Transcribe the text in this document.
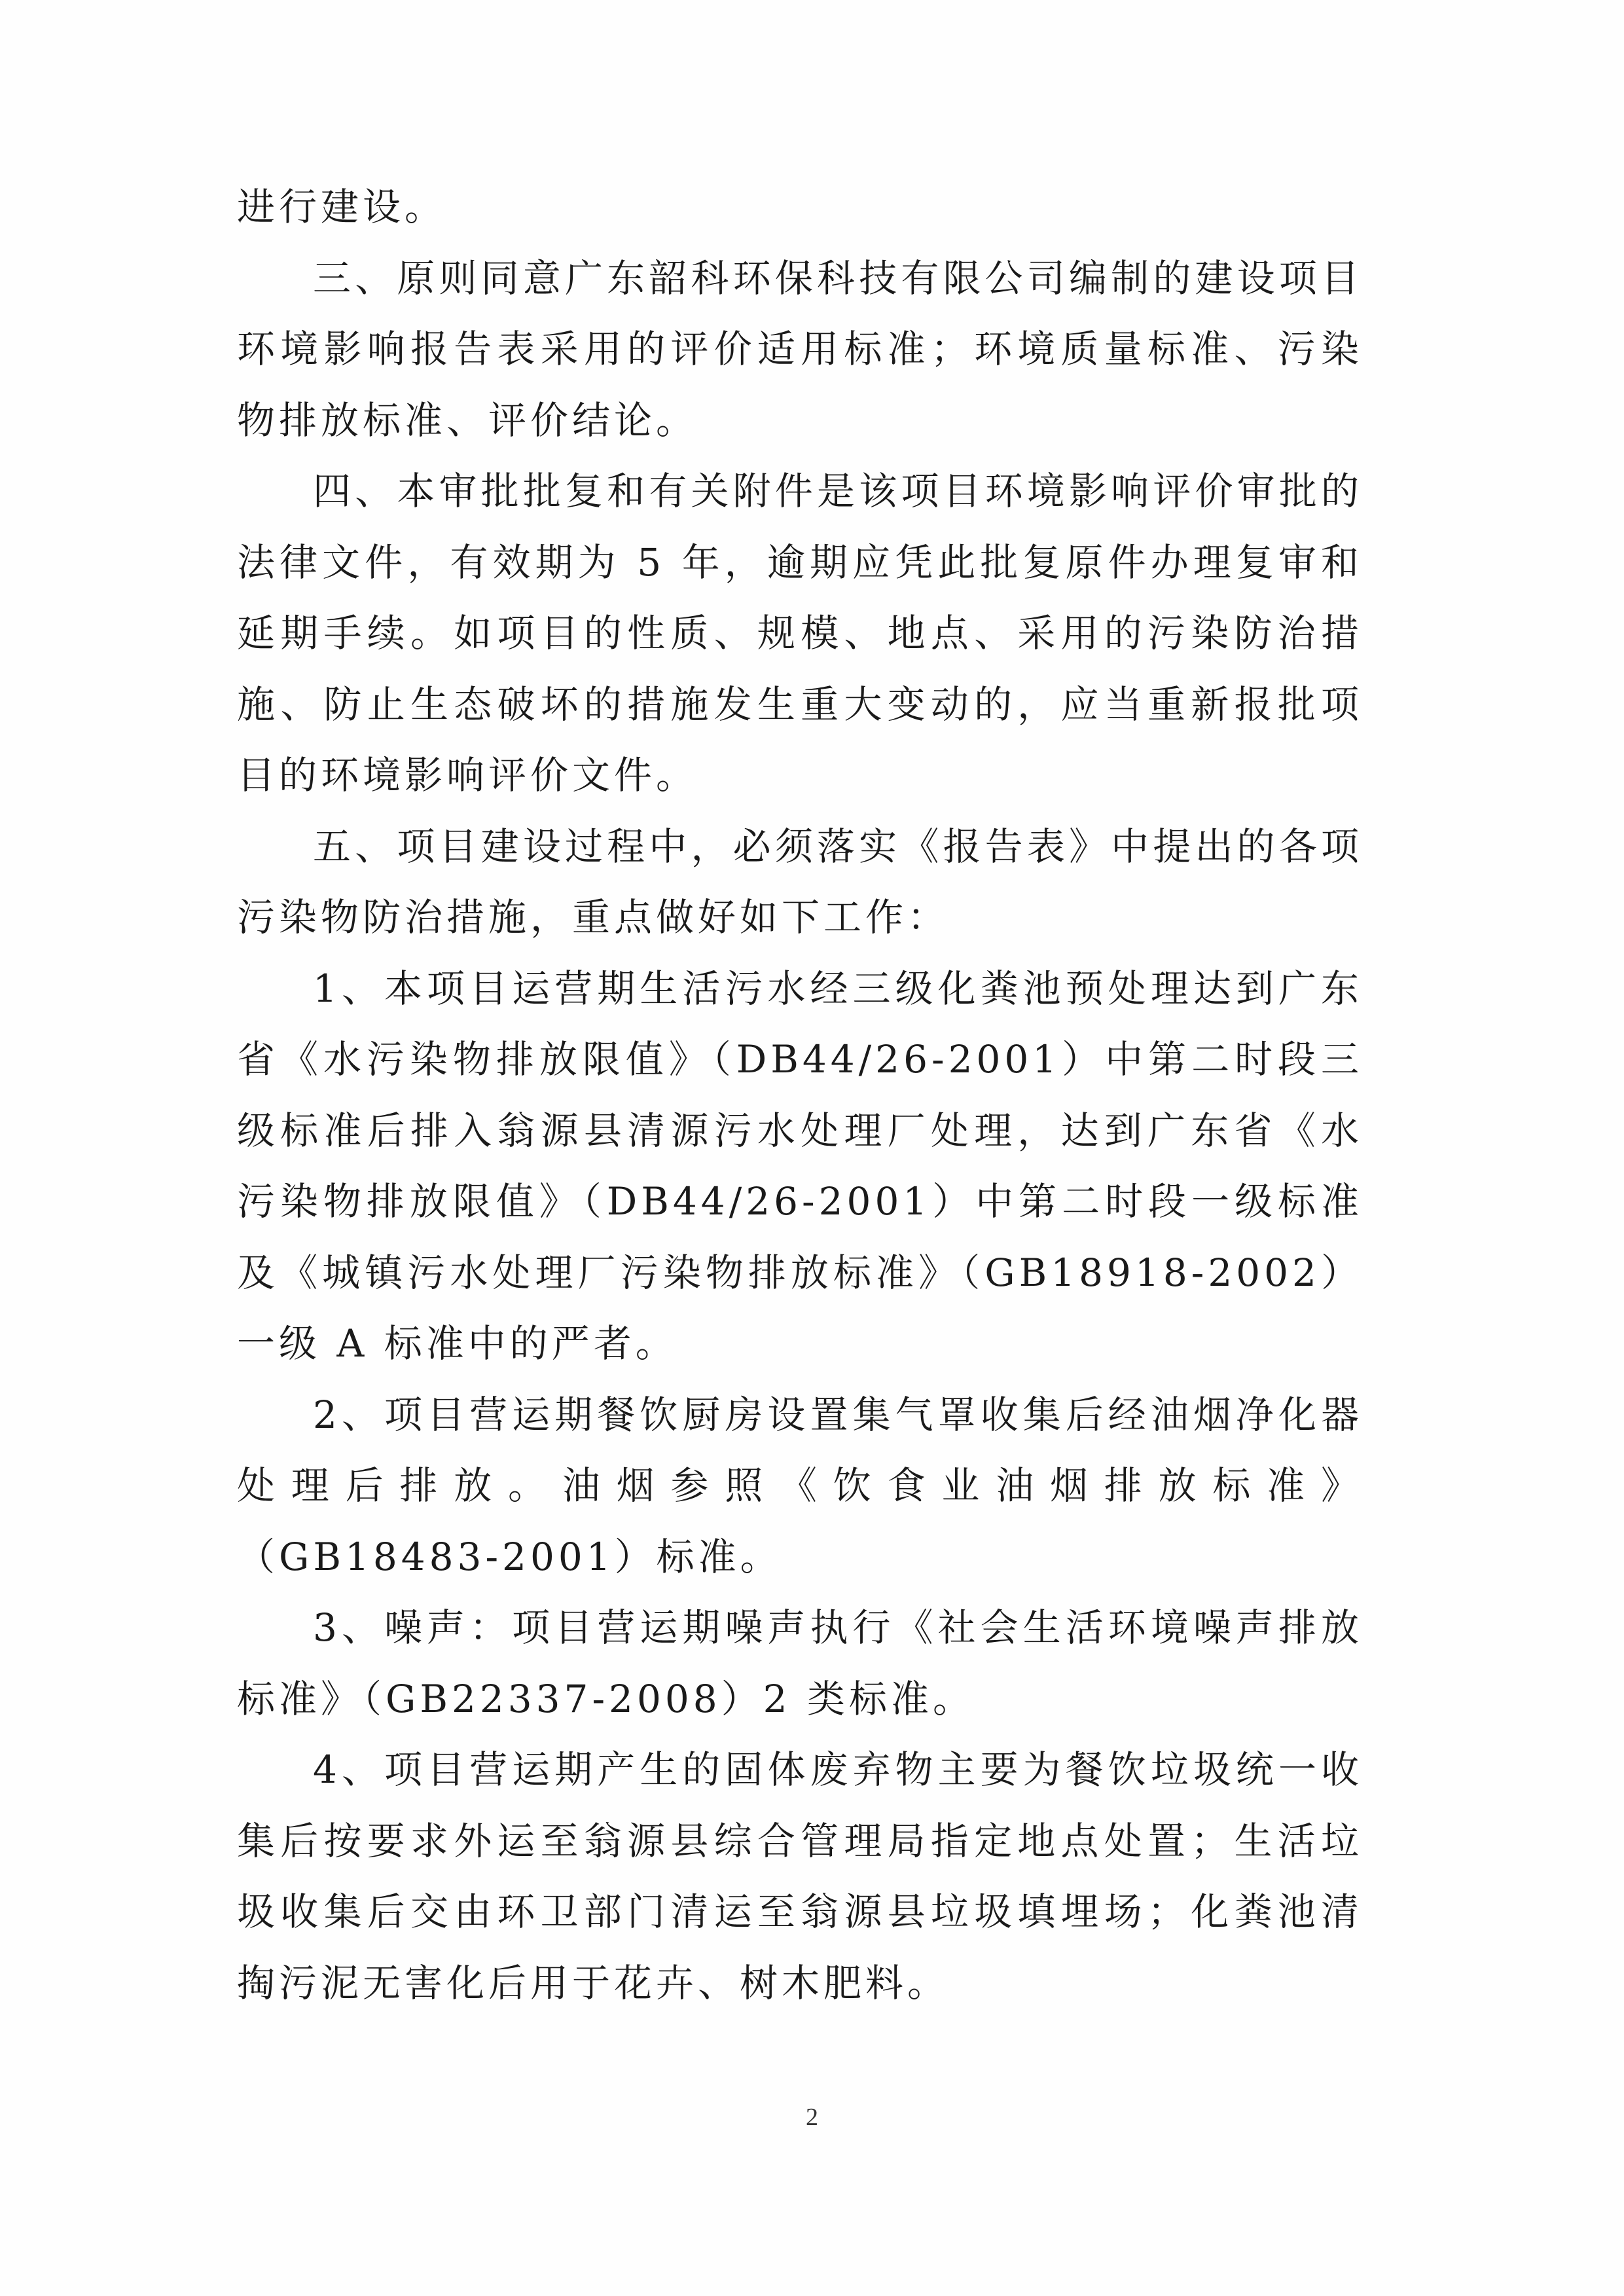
进行建设。

三、原则同意广东韶科环保科技有限公司编制的建设项目环境影响报告表采用的评价适用标准；环境质量标准、污染物排放标准、评价结论。

四、本审批批复和有关附件是该项目环境影响评价审批的法律文件，有效期为 5 年，逾期应凭此批复原件办理复审和延期手续。如项目的性质、规模、地点、采用的污染防治措施、防止生态破坏的措施发生重大变动的，应当重新报批项目的环境影响评价文件。

五、项目建设过程中，必须落实《报告表》中提出的各项污染物防治措施，重点做好如下工作：

1、本项目运营期生活污水经三级化粪池预处理达到广东省《水污染物排放限值》（DB44/26-2001）中第二时段三级标准后排入翁源县清源污水处理厂处理，达到广东省《水污染物排放限值》（DB44/26-2001）中第二时段一级标准及《城镇污水处理厂污染物排放标准》（GB18918-2002）一级 A 标准中的严者。

2、项目营运期餐饮厨房设置集气罩收集后经油烟净化器处理后排放。油烟参照《饮食业油烟排放标准》（GB18483-2001）标准。

3、噪声：项目营运期噪声执行《社会生活环境噪声排放标准》（GB22337-2008）2 类标准。

4、项目营运期产生的固体废弃物主要为餐饮垃圾统一收集后按要求外运至翁源县综合管理局指定地点处置；生活垃圾收集后交由环卫部门清运至翁源县垃圾填埋场；化粪池清掏污泥无害化后用于花卉、树木肥料。

2
